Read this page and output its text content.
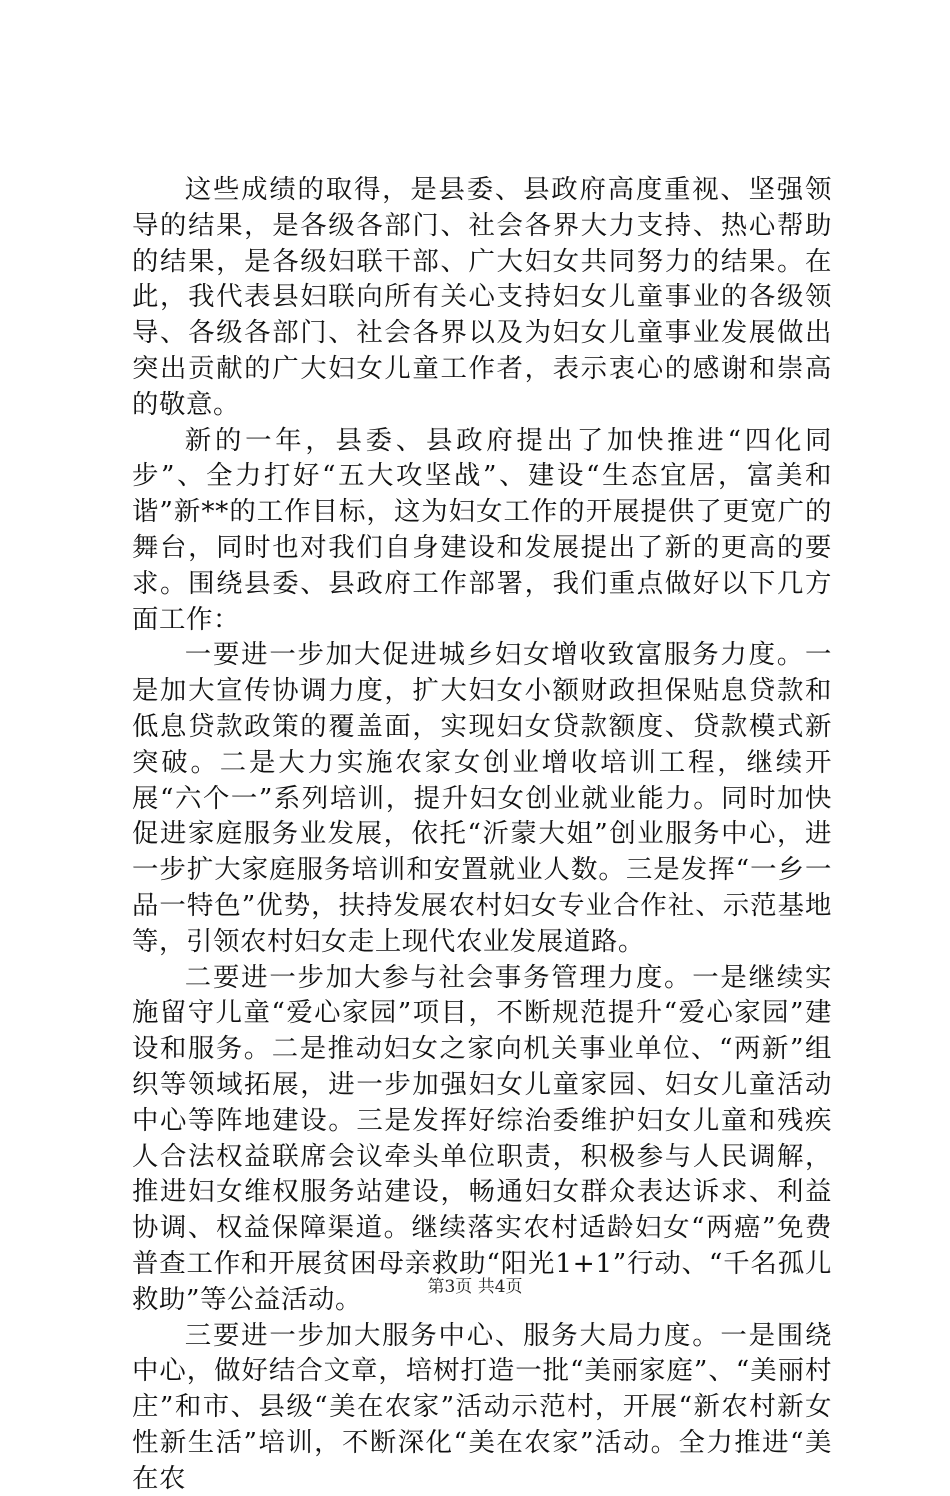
这些成绩的取得，是县委、县政府高度重视、坚强领导的结果，是各级各部门、社会各界大力支持、热心帮助的结果，是各级妇联干部、广大妇女共同努力的结果。在此，我代表县妇联向所有关心支持妇女儿童事业的各级领导、各级各部门、社会各界以及为妇女儿童事业发展做出突出贡献的广大妇女儿童工作者，表示衷心的感谢和崇高的敬意。

新的一年，县委、县政府提出了加快推进“四化同步”、全力打好“五大攻坚战”、建设“生态宜居，富美和谐”新**的工作目标，这为妇女工作的开展提供了更宽广的舞台，同时也对我们自身建设和发展提出了新的更高的要求。围绕县委、县政府工作部署，我们重点做好以下几方面工作：

一要进一步加大促进城乡妇女增收致富服务力度。一是加大宣传协调力度，扩大妇女小额财政担保贴息贷款和低息贷款政策的覆盖面，实现妇女贷款额度、贷款模式新突破。二是大力实施农家女创业增收培训工程，继续开展“六个一”系列培训，提升妇女创业就业能力。同时加快促进家庭服务业发展，依托“沂蒙大姐”创业服务中心，进一步扩大家庭服务培训和安置就业人数。三是发挥“一乡一品一特色”优势，扶持发展农村妇女专业合作社、示范基地等，引领农村妇女走上现代农业发展道路。

二要进一步加大参与社会事务管理力度。一是继续实施留守儿童“爱心家园”项目，不断规范提升“爱心家园”建设和服务。二是推动妇女之家向机关事业单位、“两新”组织等领域拓展，进一步加强妇女儿童家园、妇女儿童活动中心等阵地建设。三是发挥好综治委维护妇女儿童和残疾人合法权益联席会议牵头单位职责，积极参与人民调解，推进妇女维权服务站建设，畅通妇女群众表达诉求、利益协调、权益保障渠道。继续落实农村适龄妇女“两癌”免费普查工作和开展贫困母亲救助“阳光1+1”行动、“千名孤儿救助”等公益活动。

三要进一步加大服务中心、服务大局力度。一是围绕中心，做好结合文章，培树打造一批“美丽家庭”、“美丽村庄”和市、县级“美在农家”活动示范村，开展“新农村新女性新生活”培训，不断深化“美在农家”活动。全力推进“美在农

第3页 共4页
